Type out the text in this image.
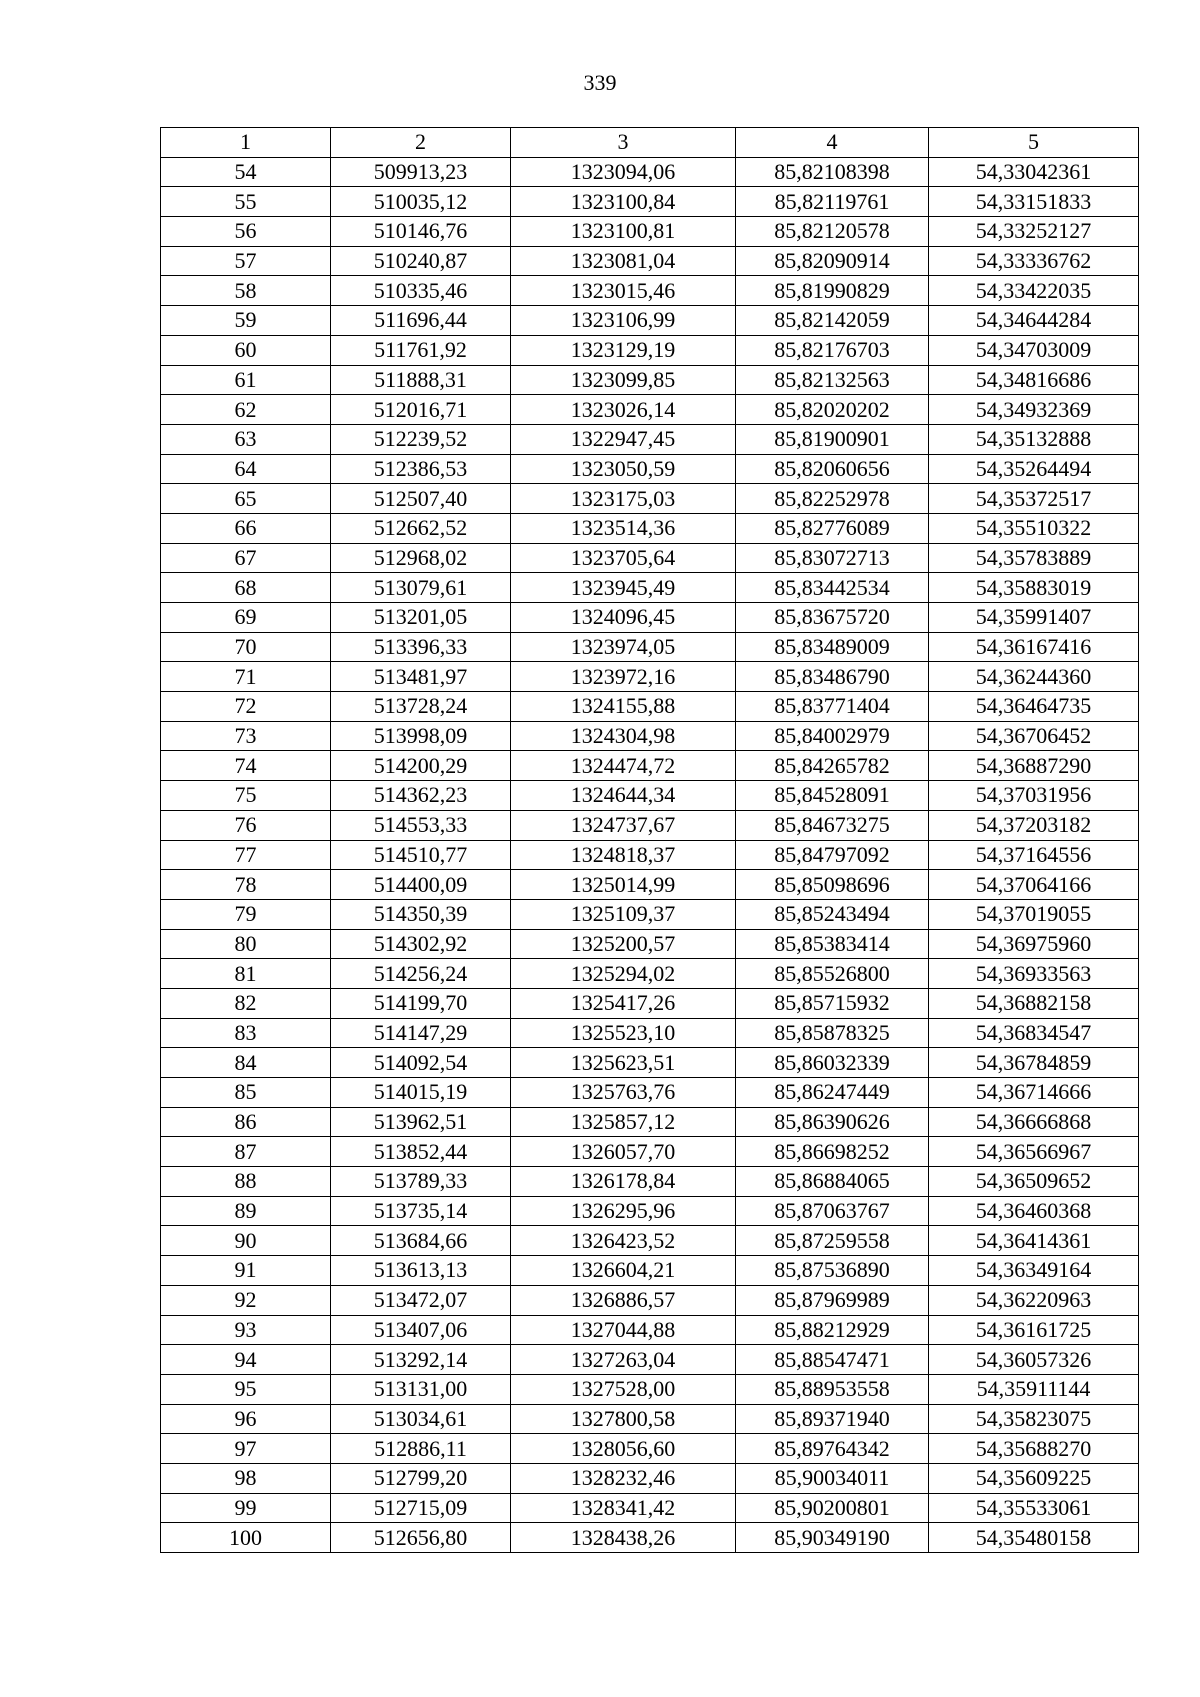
339
1	2	3	4	5
54	509913,23	1323094,06	85,82108398	54,33042361
55	510035,12	1323100,84	85,82119761	54,33151833
56	510146,76	1323100,81	85,82120578	54,33252127
57	510240,87	1323081,04	85,82090914	54,33336762
58	510335,46	1323015,46	85,81990829	54,33422035
59	511696,44	1323106,99	85,82142059	54,34644284
60	511761,92	1323129,19	85,82176703	54,34703009
61	511888,31	1323099,85	85,82132563	54,34816686
62	512016,71	1323026,14	85,82020202	54,34932369
63	512239,52	1322947,45	85,81900901	54,35132888
64	512386,53	1323050,59	85,82060656	54,35264494
65	512507,40	1323175,03	85,82252978	54,35372517
66	512662,52	1323514,36	85,82776089	54,35510322
67	512968,02	1323705,64	85,83072713	54,35783889
68	513079,61	1323945,49	85,83442534	54,35883019
69	513201,05	1324096,45	85,83675720	54,35991407
70	513396,33	1323974,05	85,83489009	54,36167416
71	513481,97	1323972,16	85,83486790	54,36244360
72	513728,24	1324155,88	85,83771404	54,36464735
73	513998,09	1324304,98	85,84002979	54,36706452
74	514200,29	1324474,72	85,84265782	54,36887290
75	514362,23	1324644,34	85,84528091	54,37031956
76	514553,33	1324737,67	85,84673275	54,37203182
77	514510,77	1324818,37	85,84797092	54,37164556
78	514400,09	1325014,99	85,85098696	54,37064166
79	514350,39	1325109,37	85,85243494	54,37019055
80	514302,92	1325200,57	85,85383414	54,36975960
81	514256,24	1325294,02	85,85526800	54,36933563
82	514199,70	1325417,26	85,85715932	54,36882158
83	514147,29	1325523,10	85,85878325	54,36834547
84	514092,54	1325623,51	85,86032339	54,36784859
85	514015,19	1325763,76	85,86247449	54,36714666
86	513962,51	1325857,12	85,86390626	54,36666868
87	513852,44	1326057,70	85,86698252	54,36566967
88	513789,33	1326178,84	85,86884065	54,36509652
89	513735,14	1326295,96	85,87063767	54,36460368
90	513684,66	1326423,52	85,87259558	54,36414361
91	513613,13	1326604,21	85,87536890	54,36349164
92	513472,07	1326886,57	85,87969989	54,36220963
93	513407,06	1327044,88	85,88212929	54,36161725
94	513292,14	1327263,04	85,88547471	54,36057326
95	513131,00	1327528,00	85,88953558	54,35911144
96	513034,61	1327800,58	85,89371940	54,35823075
97	512886,11	1328056,60	85,89764342	54,35688270
98	512799,20	1328232,46	85,90034011	54,35609225
99	512715,09	1328341,42	85,90200801	54,35533061
100	512656,80	1328438,26	85,90349190	54,35480158
